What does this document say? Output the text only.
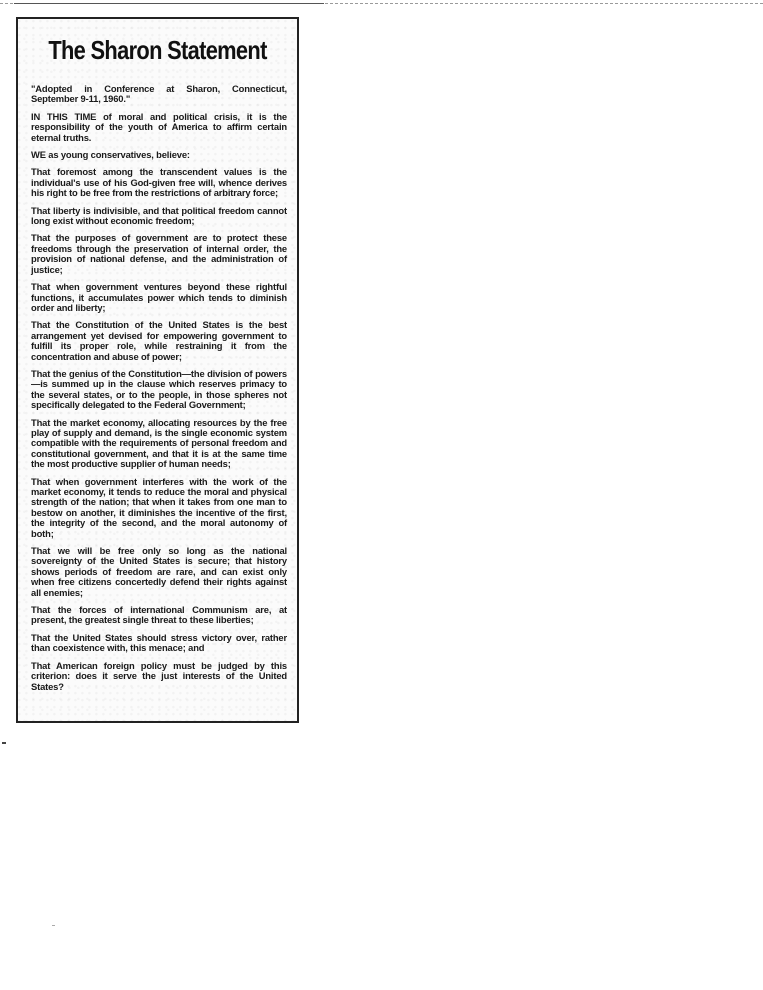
The Sharon Statement

"Adopted in Conference at Sharon, Connecticut, September 9-11, 1960."

IN THIS TIME of moral and political crisis, it is the responsibility of the youth of America to affirm certain eternal truths.

WE as young conservatives, believe:

That foremost among the transcendent values is the individual's use of his God-given free will, whence derives his right to be free from the restrictions of arbitrary force;

That liberty is indivisible, and that political freedom cannot long exist without economic freedom;

That the purposes of government are to protect these freedoms through the preservation of internal order, the provision of national defense, and the administration of justice;

That when government ventures beyond these rightful functions, it accumulates power which tends to diminish order and liberty;

That the Constitution of the United States is the best arrangement yet devised for empowering government to fulfill its proper role, while restraining it from the concentration and abuse of power;

That the genius of the Constitution—the division of powers—is summed up in the clause which reserves primacy to the several states, or to the people, in those spheres not specifically delegated to the Federal Government;

That the market economy, allocating resources by the free play of supply and demand, is the single economic system compatible with the requirements of personal freedom and constitutional government, and that it is at the same time the most productive supplier of human needs;

That when government interferes with the work of the market economy, it tends to reduce the moral and physical strength of the nation; that when it takes from one man to bestow on another, it diminishes the incentive of the first, the integrity of the second, and the moral autonomy of both;

That we will be free only so long as the national sovereignty of the United States is secure; that history shows periods of freedom are rare, and can exist only when free citizens concertedly defend their rights against all enemies;

That the forces of international Communism are, at present, the greatest single threat to these liberties;

That the United States should stress victory over, rather than coexistence with, this menace; and

That American foreign policy must be judged by this criterion: does it serve the just interests of the United States?
